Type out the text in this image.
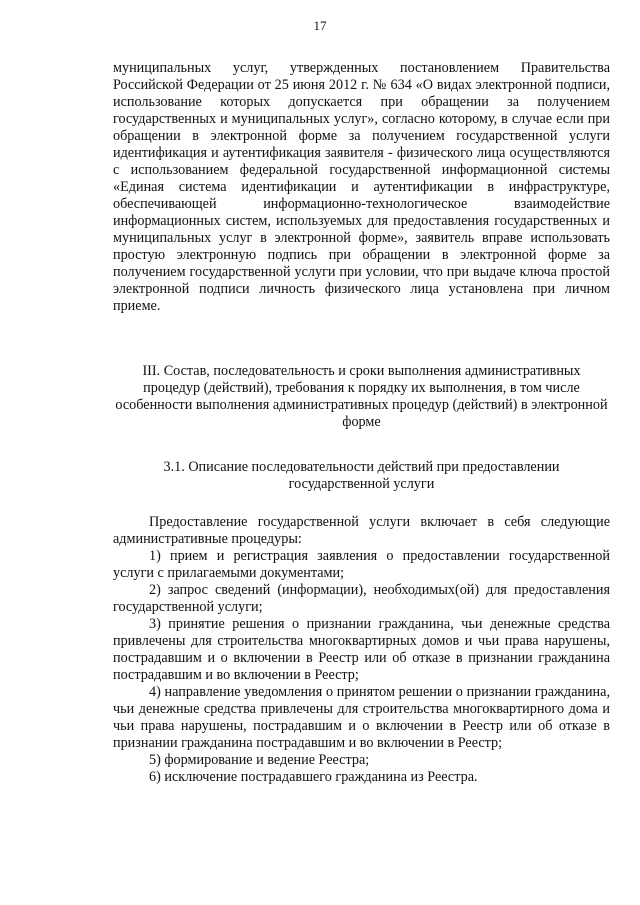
17

муниципальных услуг, утвержденных постановлением Правительства Российской Федерации от 25 июня 2012 г. № 634 «О видах электронной подписи, использование которых допускается при обращении за получением государственных и муниципальных услуг», согласно которому, в случае если при обращении в электронной форме за получением государственной услуги идентификация и аутентификация заявителя - физического лица осуществляются с использованием федеральной государственной информационной системы «Единая система идентификации и аутентификации в инфраструктуре, обеспечивающей информационно-технологическое взаимодействие информационных систем, используемых для предоставления государственных и муниципальных услуг в электронной форме», заявитель вправе использовать простую электронную подпись при обращении в электронной форме за получением государственной услуги при условии, что при выдаче ключа простой электронной подписи личность физического лица установлена при личном приеме.

III. Состав, последовательность и сроки выполнения административных процедур (действий), требования к порядку их выполнения, в том числе особенности выполнения административных процедур (действий) в электронной форме
3.1. Описание последовательности действий при предоставлении государственной услуги

Предоставление государственной услуги включает в себя следующие административные процедуры:

1) прием и регистрация заявления о предоставлении государственной услуги с прилагаемыми документами;

2) запрос сведений (информации), необходимых(ой) для предоставления государственной услуги;

3) принятие решения о признании гражданина, чьи денежные средства привлечены для строительства многоквартирных домов и чьи права нарушены, пострадавшим и о включении в Реестр или об отказе в признании гражданина пострадавшим и во включении в Реестр;

4) направление уведомления о принятом решении о признании гражданина, чьи денежные средства привлечены для строительства многоквартирного дома и чьи права нарушены, пострадавшим и о включении в Реестр или об отказе в признании гражданина пострадавшим и во включении в Реестр;

5) формирование и ведение Реестра;

6) исключение пострадавшего гражданина из Реестра.
